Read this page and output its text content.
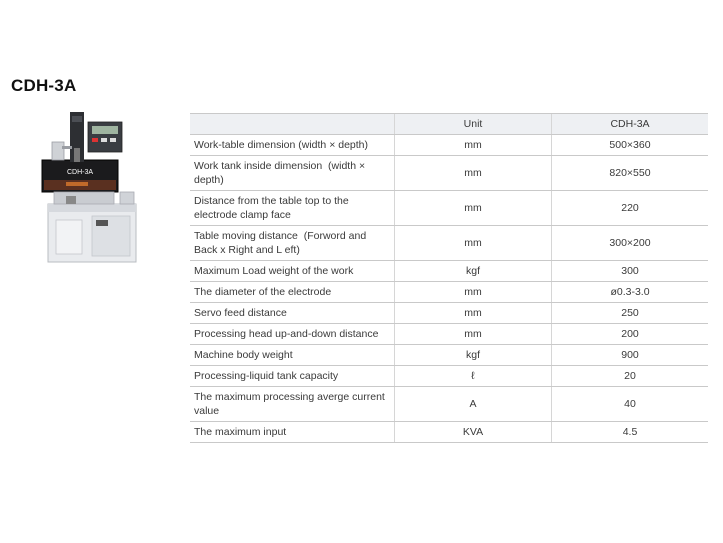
CDH-3A
CDH-3A
	Unit	CDH-3A
Work-table dimension (width × depth)	mm	500×360
Work tank inside dimension  (width × depth)	mm	820×550
Distance from the table top to the electrode clamp face	mm	220
Table moving distance  (Forword and Back x Right and L eft)	mm	300×200
Maximum Load weight of the work	kgf	300
The diameter of the electrode	mm	ø0.3-3.0
Servo feed distance	mm	250
Processing head up-and-down distance	mm	200
Machine body weight	kgf	900
Processing-liquid tank capacity	ℓ	20
The maximum processing averge current value	A	40
The maximum input	KVA	4.5
